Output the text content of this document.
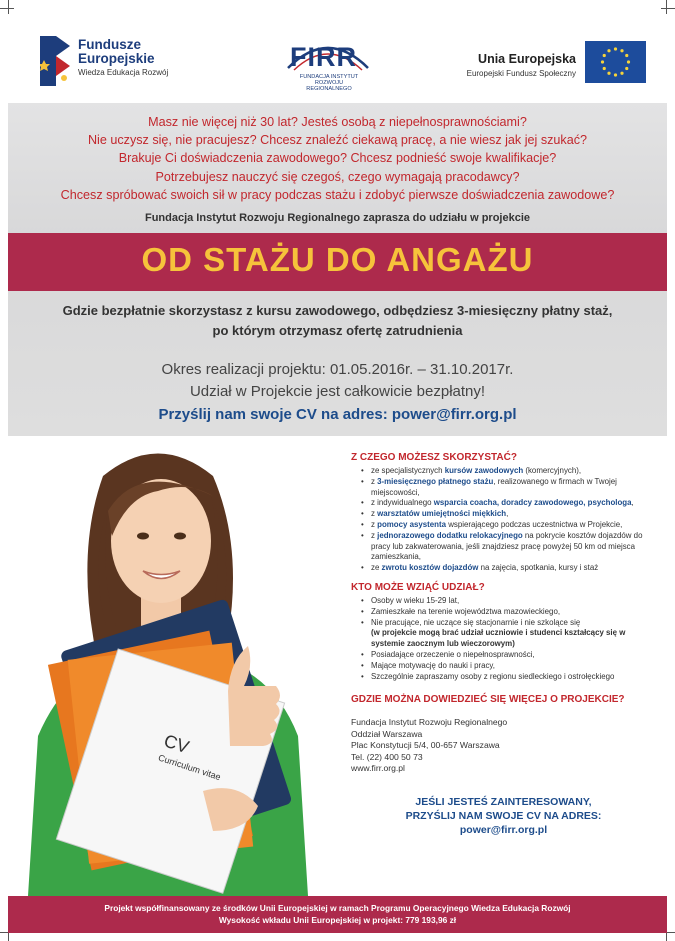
Fundusze
Europejskie
Wiedza Edukacja Rozwój
FIRR
FUNDACJA INSTYTUT
ROZWOJU REGIONALNEGO
Unia Europejska
Europejski Fundusz Społeczny
Masz nie więcej niż 30 lat? Jesteś osobą z niepełnosprawnościami?
Nie uczysz się, nie pracujesz? Chcesz znaleźć ciekawą pracę, a nie wiesz jak jej szukać?
Brakuje Ci doświadczenia zawodowego? Chcesz podnieść swoje kwalifikacje?
Potrzebujesz nauczyć się czegoś, czego wymagają pracodawcy?
Chcesz spróbować swoich sił w pracy podczas stażu i zdobyć pierwsze doświadczenia zawodowe?
Fundacja Instytut Rozwoju Regionalnego zaprasza do udziału w projekcie
OD STAŻU DO ANGAŻU
Gdzie bezpłatnie skorzystasz z kursu zawodowego, odbędziesz 3-miesięczny płatny staż,
po którym otrzymasz ofertę zatrudnienia
Okres realizacji projektu: 01.05.2016r. – 31.10.2017r.
Udział w Projekcie jest całkowicie bezpłatny!
Przyślij nam swoje CV na adres: power@firr.org.pl
CV
Curriculum vitae
Z CZEGO MOŻESZ SKORZYSTAĆ?
• ze specjalistycznych kursów zawodowych (komercyjnych),
• z 3-miesięcznego płatnego stażu, realizowanego w firmach w Twojej miejscowości,
• z indywidualnego wsparcia coacha, doradcy zawodowego, psychologa,
• z warsztatów umiejętności miękkich,
• z pomocy asystenta wspierającego podczas uczestnictwa w Projekcie,
• z jednorazowego dodatku relokacyjnego na pokrycie kosztów dojazdów do pracy lub zakwaterowania, jeśli znajdziesz pracę powyżej 50 km od miejsca zamieszkania,
• ze zwrotu kosztów dojazdów na zajęcia, spotkania, kursy i staż
KTO MOŻE WZIĄĆ UDZIAŁ?
• Osoby w wieku 15-29 lat,
• Zamieszkałe na terenie województwa mazowieckiego,
• Nie pracujące, nie uczące się stacjonarnie i nie szkolące się
(w projekcie mogą brać udział uczniowie i studenci kształcący się w systemie zaocznym lub wieczorowym)
• Posiadające orzeczenie o niepełnosprawności,
• Mające motywację do nauki i pracy,
• Szczególnie zapraszamy osoby z regionu siedleckiego i ostrołęckiego
GDZIE MOŻNA DOWIEDZIEĆ SIĘ WIĘCEJ O PROJEKCIE?
Fundacja Instytut Rozwoju Regionalnego
Oddział Warszawa
Plac Konstytucji 5/4, 00-657 Warszawa
Tel. (22) 400 50 73
www.firr.org.pl
JEŚLI JESTEŚ ZAINTERESOWANY,
PRZYŚLIJ NAM SWOJE CV NA ADRES:
power@firr.org.pl
Projekt współfinansowany ze środków Unii Europejskiej w ramach Programu Operacyjnego Wiedza Edukacja Rozwój
Wysokość wkładu Unii Europejskiej w projekt: 779 193,96 zł
